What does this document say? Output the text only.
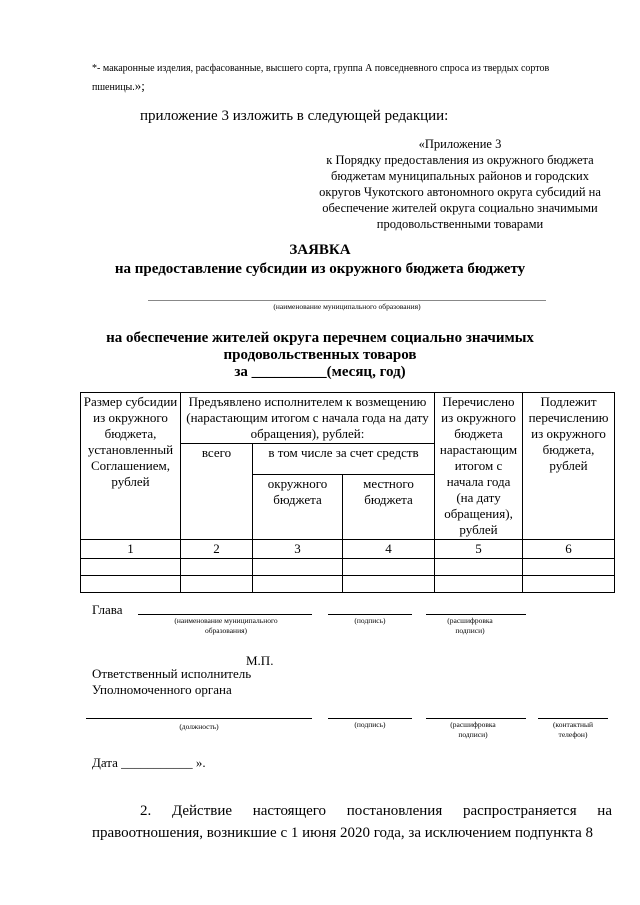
*- макаронные изделия, расфасованные, высшего сорта, группа А повседневного спроса из твердых сортов пшеницы.»;
приложение 3 изложить в следующей редакции:
«Приложение 3
к Порядку предоставления из окружного бюджета
бюджетам муниципальных районов и городских
округов Чукотского автономного округа субсидий на
обеспечение жителей округа социально значимыми
продовольственными товарами
ЗАЯВКА
на предоставление субсидии из окружного бюджета бюджету
(наименование муниципального образования)
на обеспечение жителей округа перечнем социально значимых
продовольственных товаров
за __________(месяц, год)
Размер субсидии из окружного бюджета, установленный Соглашением, рублей	Предъявлено исполнителем к возмещению (нарастающим итогом с начала года на дату обращения), рублей:			Перечислено из окружного бюджета нарастающим итогом с начала года (на дату обращения), рублей	Подлежит перечислению из окружного бюджета, рублей
	всего	в том числе за счет средств			
		окружного бюджета	местного бюджета		
1	2	3	4	5	6

Глава
(наименование муниципального образования)
(подпись)	(расшифровка подписи)
М.П.
Ответственный исполнитель
Уполномоченного органа
(должность)	(подпись)	(расшифровка подписи)
(контактный телефон)
Дата ___________ ».
2. Действие настоящего постановления распространяется на
правоотношения, возникшие с 1 июня 2020 года, за исключением подпункта 8
